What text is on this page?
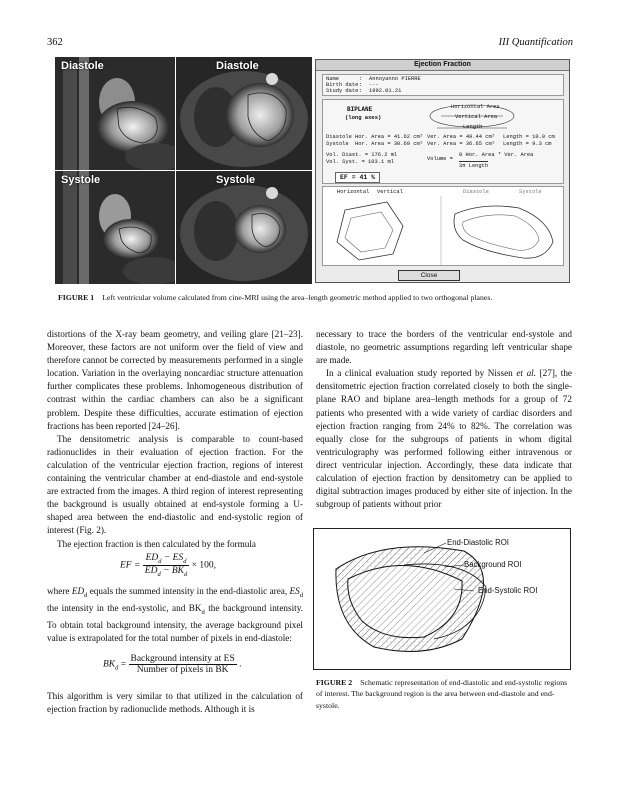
362	III Quantification
Diastole	Diastole
Systole	Systole
Ejection Fraction
Name	: Annoyanno PIERRE
Birth date : ---
Study date : 1992.01.21
BIPLANE
(long axes)
Horizontal Area
Vertical Area
Length
Diastole Hor. Area = 41.62 cm² Ver. Area = 49.44 cm² Length = 10.0 cm
Systole Hor. Area = 30.69 cm² Ver. Area = 36.65 cm² Length = 9.3 cm
Vol. Diast. = 176.2 ml
Vol. Syst. = 103.1 ml	Volume =
8 Hor. Area * Ver. Area
3π Length
EF = 41 %
Horizontal Vertical	Diastole	Systole
Close
FIGURE 1 Left ventricular volume calculated from cine-MRI using the area–length geometric method applied to two orthogonal planes.

distortions of the X-ray beam geometry, and veiling glare [21–23]. Moreover, these factors are not uniform over the field of view and therefore cannot be corrected by measurements performed in a single location. Variation in the overlaying noncardiac structure attenuation further complicates these problems. Inhomogeneous distribution of contrast within the cardiac chambers can also be a significant problem. Despite these difficulties, accurate estimation of ejection fractions has been reported [24–26].

The densitometric analysis is comparable to count-based radionuclides in their evaluation of ejection fraction. For the calculation of the ventricular ejection fraction, regions of interest containing the ventricular chamber at end-diastole and end-systole are extracted from the images. A third region of interest representing the background is usually obtained at end-systole forming a U-shaped area between the end-diastolic and end-systolic region of interest (Fig. 2).

The ejection fraction is then calculated by the formula

EF = $\frac{ED_d - ES_d}{ED_d - BK_d} \times 100$,

where $ED_d$ equals the summed intensity in the end-diastolic area, $ES_d$ the intensity in the end-systolic, and $BK_d$ the background intensity. To obtain total background intensity, the average background pixel value is extrapolated for the total number of pixels in end-diastole:

$BK_d = \frac{\text{Background intensity at ES}}{\text{Number of pixels in BK}}$ .

This algorithm is very similar to that utilized in the calculation of ejection fraction by radionuclide methods. Although it is

necessary to trace the borders of the ventricular end-systole and diastole, no geometric assumptions regarding left ventricular shape are made.

In a clinical evaluation study reported by Nissen et al. [27], the densitometric ejection fraction correlated closely to both the single-plane RAO and biplane area–length methods for a group of 72 patients who presented with a wide variety of cardiac disorders and ejection fraction ranging from 24% to 82%. The correlation was equally close for the subgroups of patients in whom digital ventriculography was performed following either intravenous or direct ventricular injection. Accordingly, these data indicate that calculation of ejection fraction by densitometry can be applied to digital subtraction images produced by either site of injection. In the subgroup of patients without prior

End-Diastolic ROI
Background ROI
End-Systolic ROI
FIGURE 2 Schematic representation of end-diastolic and end-systolic regions of interest. The background region is the area between end-diastole and end-systole.
